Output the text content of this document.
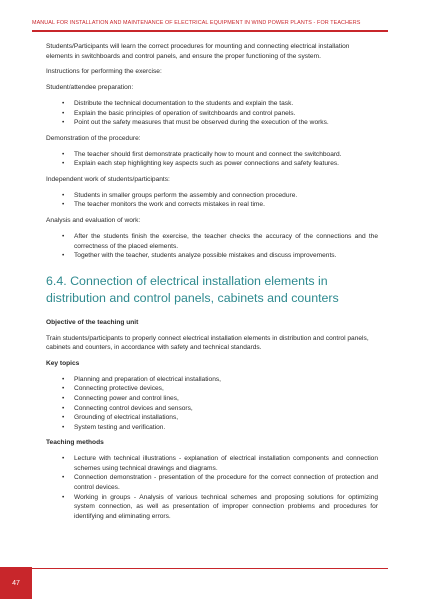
MANUAL FOR INSTALLATION AND MAINTENANCE OF ELECTRICAL EQUIPMENT IN WIND POWER PLANTS - FOR TEACHERS

Students/Participants will learn the correct procedures for mounting and connecting electrical installation elements in switchboards and control panels, and ensure the proper functioning of the system.

Instructions for performing the exercise:

Student/attendee preparation:

• Distribute the technical documentation to the students and explain the task.
• Explain the basic principles of operation of switchboards and control panels.
• Point out the safety measures that must be observed during the execution of the works.

Demonstration of the procedure:

• The teacher should first demonstrate practically how to mount and connect the switchboard.
• Explain each step highlighting key aspects such as power connections and safety features.

Independent work of students/participants:

• Students in smaller groups perform the assembly and connection procedure.
• The teacher monitors the work and corrects mistakes in real time.

Analysis and evaluation of work:

• After the students finish the exercise, the teacher checks the accuracy of the connections and the correctness of the placed elements.
• Together with the teacher, students analyze possible mistakes and discuss improvements.
6.4. Connection of electrical installation elements in distribution and control panels, cabinets and counters

Objective of the teaching unit

Train students/participants to properly connect electrical installation elements in distribution and control panels, cabinets and counters, in accordance with safety and technical standards.

Key topics

• Planning and preparation of electrical installations,
• Connecting protective devices,
• Connecting power and control lines,
• Connecting control devices and sensors,
• Grounding of electrical installations,
• System testing and verification.

Teaching methods

• Lecture with technical illustrations - explanation of electrical installation components and connection schemes using technical drawings and diagrams.
• Connection demonstration - presentation of the procedure for the correct connection of protection and control devices.
• Working in groups - Analysis of various technical schemes and proposing solutions for optimizing system connection, as well as presentation of improper connection problems and procedures for identifying and eliminating errors.
47
